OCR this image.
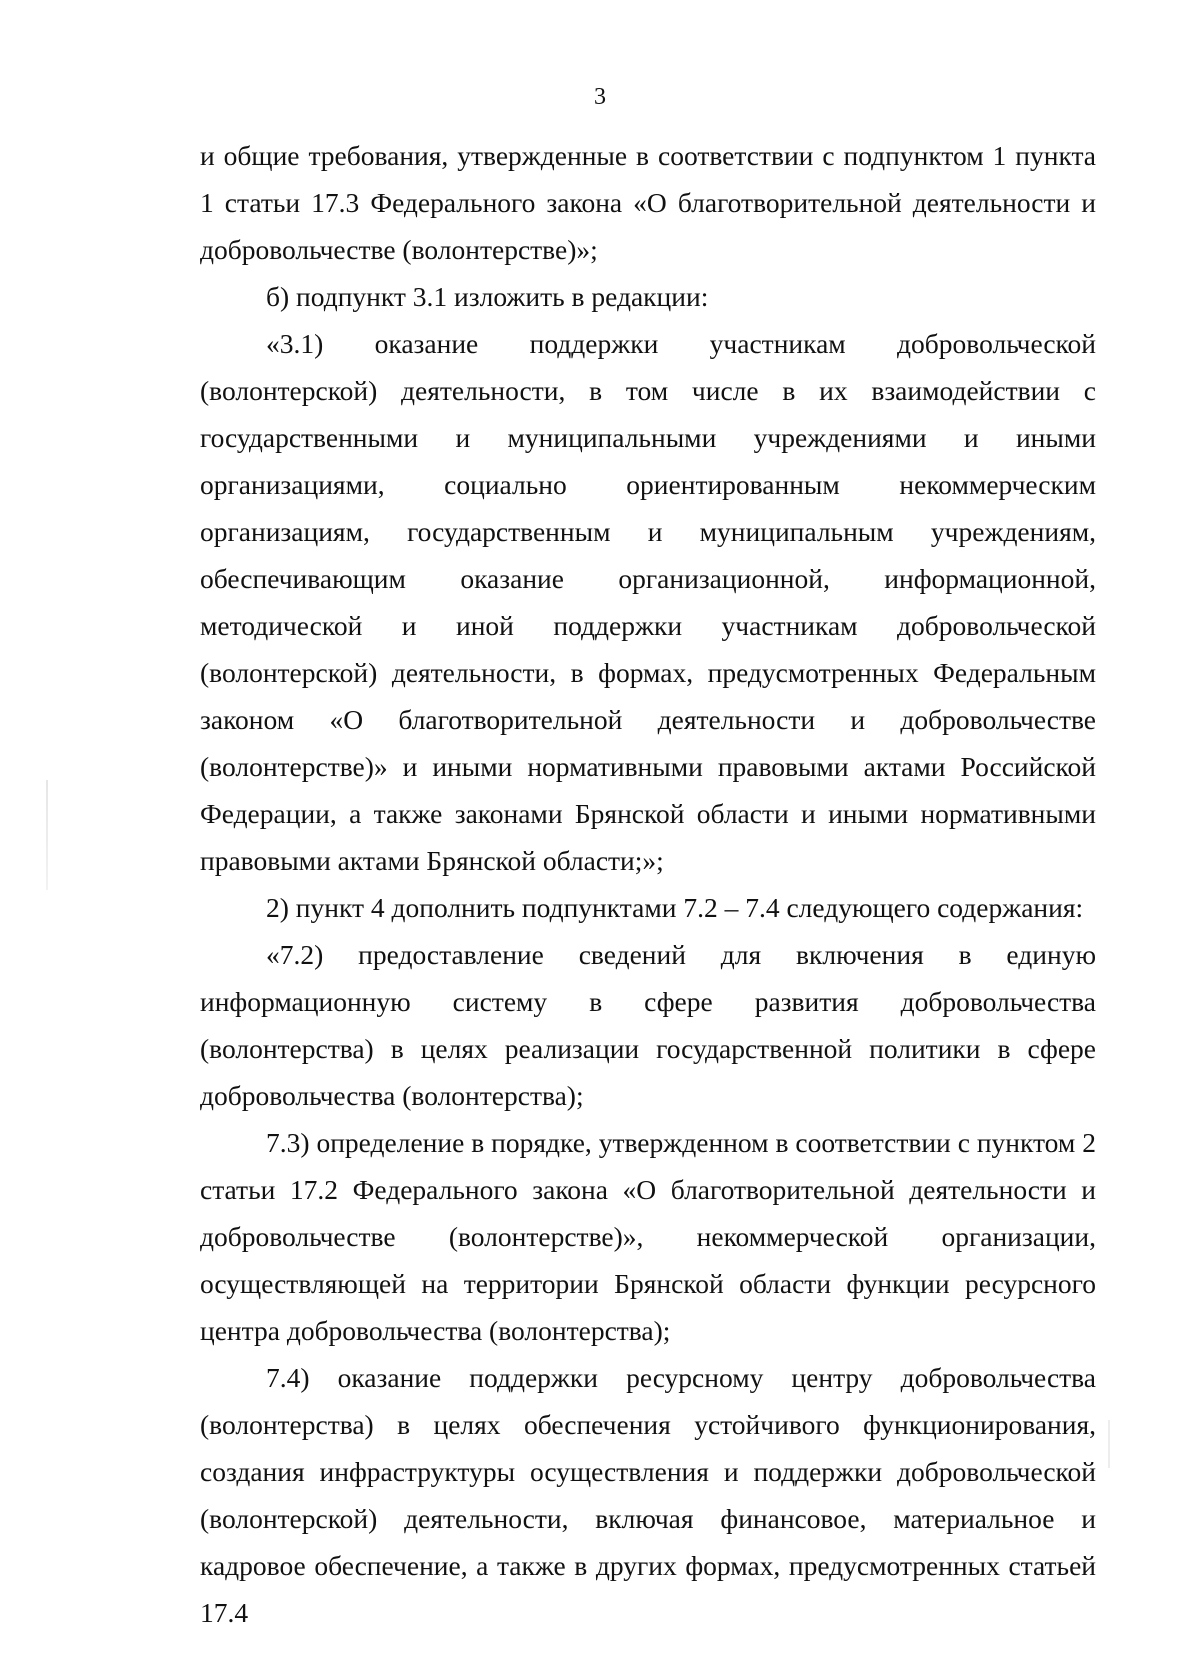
3

и общие требования, утвержденные в соответствии с подпунктом 1 пункта 1 статьи 17.3 Федерального закона «О благотворительной деятельности и добровольчестве (волонтерстве)»;

б) подпункт 3.1 изложить в редакции:

«3.1) оказание поддержки участникам добровольческой (волонтерской) деятельности, в том числе в их взаимодействии с государственными и муниципальными учреждениями и иными организациями, социально ориентированным некоммерческим организациям, государственным и муниципальным учреждениям, обеспечивающим оказание организационной, информационной, методической и иной поддержки участникам добровольческой (волонтерской) деятельности, в формах, предусмотренных Федеральным законом «О благотворительной деятельности и добровольчестве (волонтерстве)» и иными нормативными правовыми актами Российской Федерации, а также законами Брянской области и иными нормативными правовыми актами Брянской области;»;

2) пункт 4 дополнить подпунктами 7.2 – 7.4 следующего содержания:

«7.2) предоставление сведений для включения в единую информационную систему в сфере развития добровольчества (волонтерства) в целях реализации государственной политики в сфере добровольчества (волонтерства);

7.3) определение в порядке, утвержденном в соответствии с пунктом 2 статьи 17.2 Федерального закона «О благотворительной деятельности и добровольчестве (волонтерстве)», некоммерческой организации, осуществляющей на территории Брянской области функции ресурсного центра добровольчества (волонтерства);

7.4) оказание поддержки ресурсному центру добровольчества (волонтерства) в целях обеспечения устойчивого функционирования, создания инфраструктуры осуществления и поддержки добровольческой (волонтерской) деятельности, включая финансовое, материальное и кадровое обеспечение, а также в других формах, предусмотренных статьей 17.4
